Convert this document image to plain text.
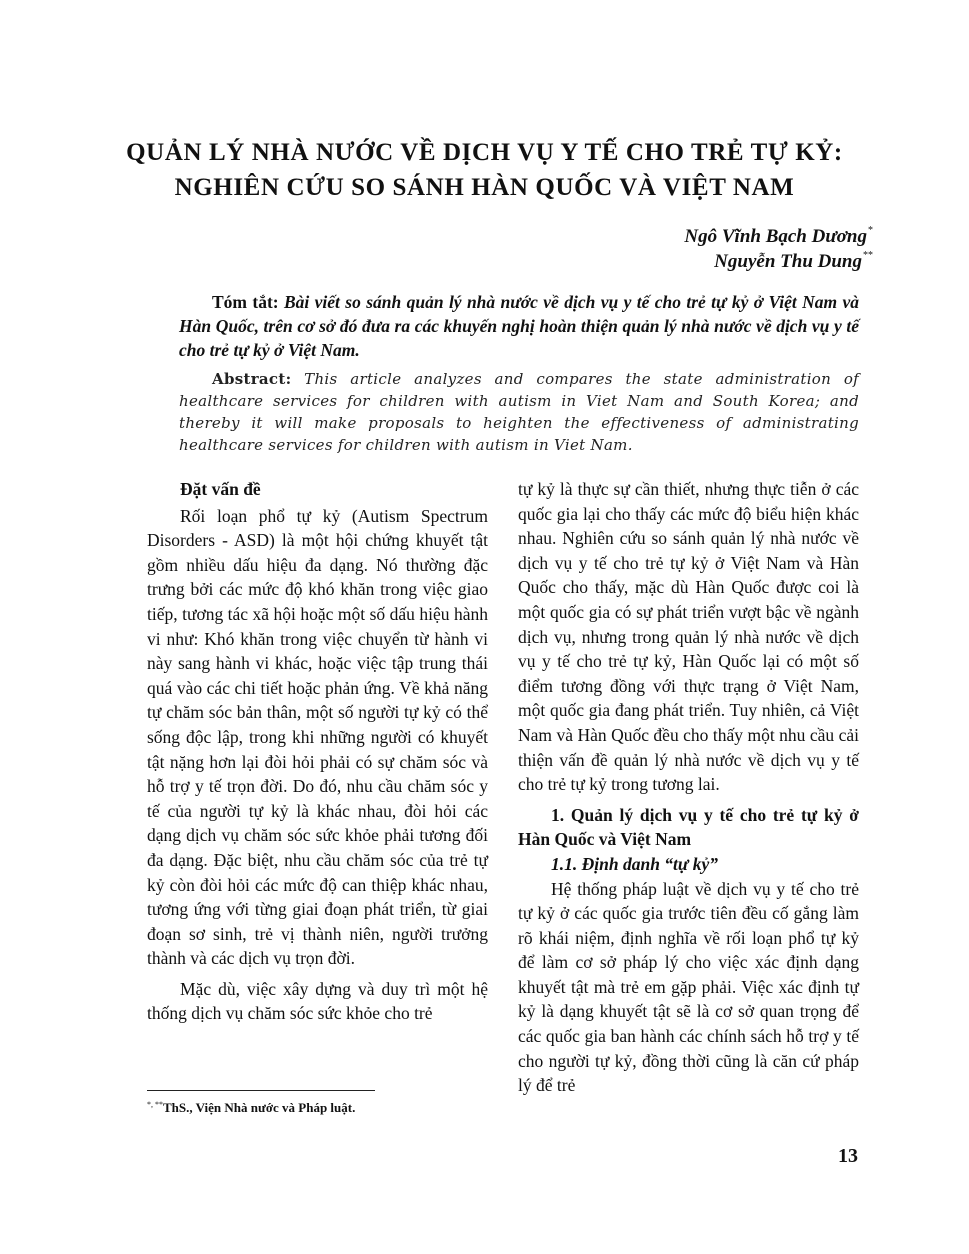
QUẢN LÝ NHÀ NƯỚC VỀ DỊCH VỤ Y TẾ CHO TRẺ TỰ KỶ:
NGHIÊN CỨU SO SÁNH HÀN QUỐC VÀ VIỆT NAM
Ngô Vĩnh Bạch Dương*
Nguyễn Thu Dung**
Tóm tắt: Bài viết so sánh quản lý nhà nước về dịch vụ y tế cho trẻ tự kỷ ở Việt Nam và Hàn Quốc, trên cơ sở đó đưa ra các khuyến nghị hoàn thiện quản lý nhà nước về dịch vụ y tế cho trẻ tự kỷ ở Việt Nam.
Abstract: This article analyzes and compares the state administration of healthcare services for children with autism in Viet Nam and South Korea; and thereby it will make proposals to heighten the effectiveness of administrating healthcare services for children with autism in Viet Nam.

Đặt vấn đề

Rối loạn phổ tự kỷ (Autism Spectrum Disorders - ASD) là một hội chứng khuyết tật gồm nhiều dấu hiệu đa dạng. Nó thường đặc trưng bởi các mức độ khó khăn trong việc giao tiếp, tương tác xã hội hoặc một số dấu hiệu hành vi như: Khó khăn trong việc chuyển từ hành vi này sang hành vi khác, hoặc việc tập trung thái quá vào các chi tiết hoặc phản ứng. Về khả năng tự chăm sóc bản thân, một số người tự kỷ có thể sống độc lập, trong khi những người có khuyết tật nặng hơn lại đòi hỏi phải có sự chăm sóc và hỗ trợ y tế trọn đời. Do đó, nhu cầu chăm sóc y tế của người tự kỷ là khác nhau, đòi hỏi các dạng dịch vụ chăm sóc sức khỏe phải tương đối đa dạng. Đặc biệt, nhu cầu chăm sóc của trẻ tự kỷ còn đòi hỏi các mức độ can thiệp khác nhau, tương ứng với từng giai đoạn phát triển, từ giai đoạn sơ sinh, trẻ vị thành niên, người trưởng thành và các dịch vụ trọn đời.

Mặc dù, việc xây dựng và duy trì một hệ thống dịch vụ chăm sóc sức khỏe cho trẻ

tự kỷ là thực sự cần thiết, nhưng thực tiễn ở các quốc gia lại cho thấy các mức độ biểu hiện khác nhau. Nghiên cứu so sánh quản lý nhà nước về dịch vụ y tế cho trẻ tự kỷ ở Việt Nam và Hàn Quốc cho thấy, mặc dù Hàn Quốc được coi là một quốc gia có sự phát triển vượt bậc về ngành dịch vụ, nhưng trong quản lý nhà nước về dịch vụ y tế cho trẻ tự kỷ, Hàn Quốc lại có một số điểm tương đồng với thực trạng ở Việt Nam, một quốc gia đang phát triển. Tuy nhiên, cả Việt Nam và Hàn Quốc đều cho thấy một nhu cầu cải thiện vấn đề quản lý nhà nước về dịch vụ y tế cho trẻ tự kỷ trong tương lai.

1. Quản lý dịch vụ y tế cho trẻ tự kỷ ở Hàn Quốc và Việt Nam

1.1. Định danh “tự kỷ”

Hệ thống pháp luật về dịch vụ y tế cho trẻ tự kỷ ở các quốc gia trước tiên đều cố gắng làm rõ khái niệm, định nghĩa về rối loạn phổ tự kỷ để làm cơ sở pháp lý cho việc xác định dạng khuyết tật mà trẻ em gặp phải. Việc xác định tự kỷ là dạng khuyết tật sẽ là cơ sở quan trọng để các quốc gia ban hành các chính sách hỗ trợ y tế cho người tự kỷ, đồng thời cũng là căn cứ pháp lý để trẻ

*, **ThS., Viện Nhà nước và Pháp luật.
13
